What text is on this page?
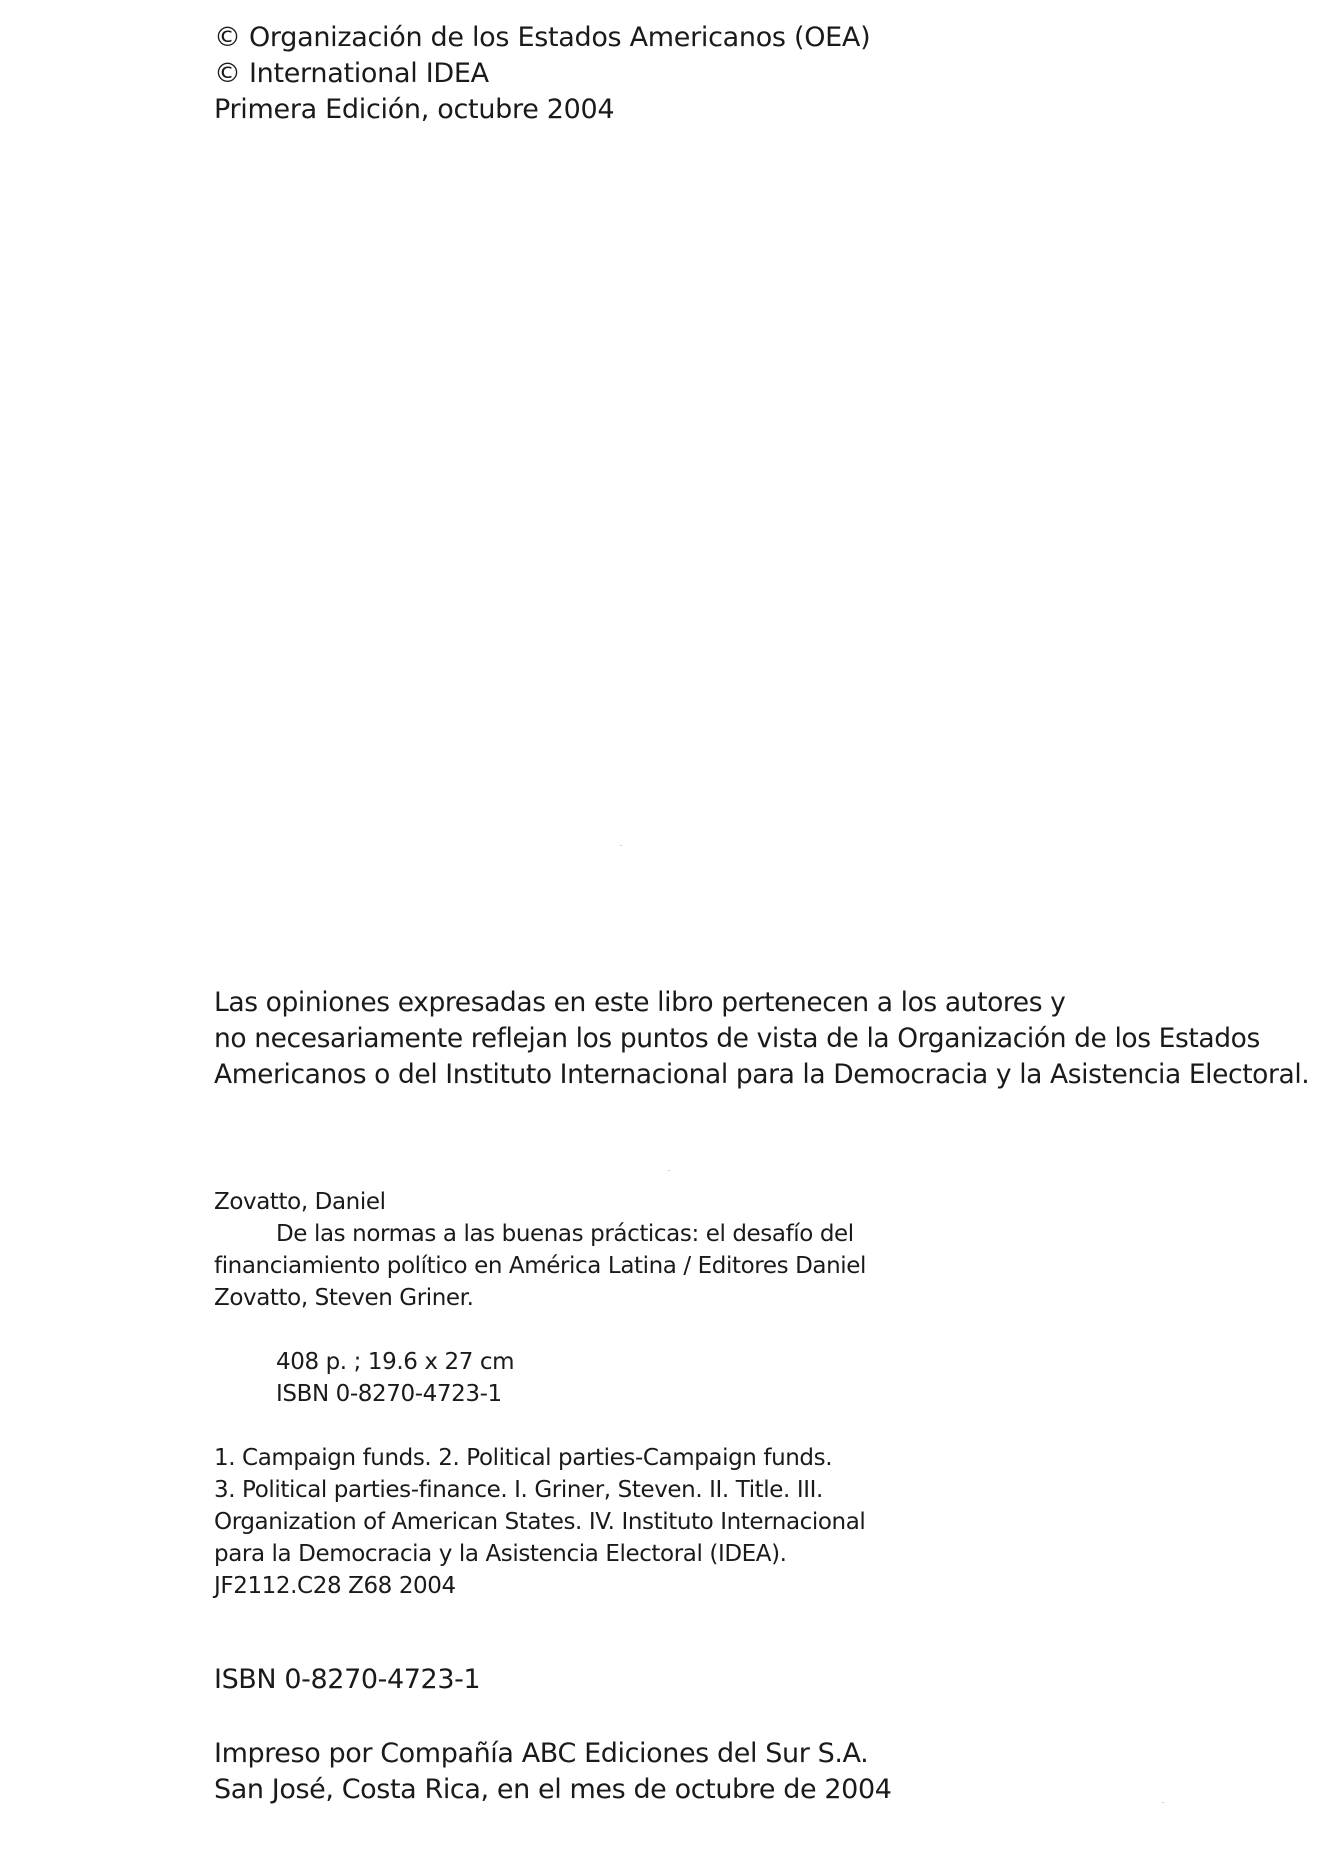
© Organización de los Estados Americanos (OEA)
© International IDEA
Primera Edición, octubre 2004
Las opiniones expresadas en este libro pertenecen a los autores y
no necesariamente reflejan los puntos de vista de la Organización de los Estados
Americanos o del Instituto Internacional para la Democracia y la Asistencia Electoral.
Zovatto, Daniel
De las normas a las buenas prácticas: el desafío del
financiamiento político en América Latina / Editores Daniel
Zovatto, Steven Griner.
408 p. ; 19.6 x 27 cm
ISBN 0-8270-4723-1
1. Campaign funds. 2. Political parties-Campaign funds.
3. Political parties-finance. I. Griner, Steven. II. Title. III.
Organization of American States. IV. Instituto Internacional
para la Democracia y la Asistencia Electoral (IDEA).
JF2112.C28 Z68 2004
ISBN 0-8270-4723-1
Impreso por Compañía ABC Ediciones del Sur S.A.
San José, Costa Rica, en el mes de octubre de 2004
